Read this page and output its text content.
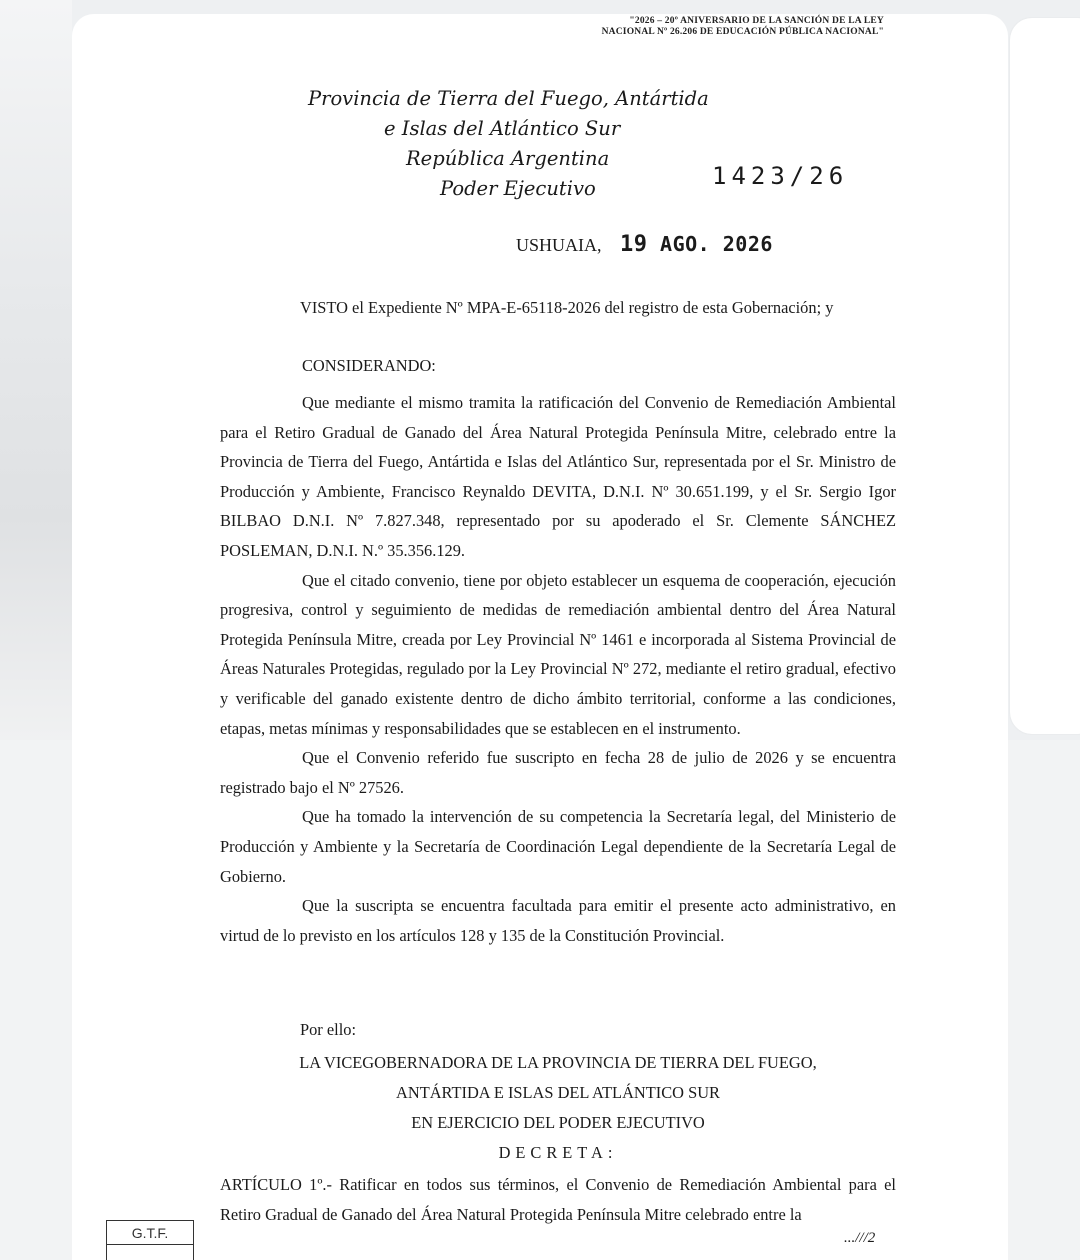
"2026 – 20º ANIVERSARIO DE LA SANCIÓN DE LA LEY
NACIONAL Nº 26.206 DE EDUCACIÓN PÚBLICA NACIONAL"
Provincia de Tierra del Fuego, Antártida
e Islas del Atlántico Sur
República Argentina
Poder Ejecutivo	1423/26
USHUAIA, 19 AGO. 2026
VISTO el Expediente Nº MPA-E-65118-2026 del registro de esta Gobernación; y
CONSIDERANDO:

Que mediante el mismo tramita la ratificación del Convenio de Remediación Ambiental para el Retiro Gradual de Ganado del Área Natural Protegida Península Mitre, celebrado entre la Provincia de Tierra del Fuego, Antártida e Islas del Atlántico Sur, representada por el Sr. Ministro de Producción y Ambiente, Francisco Reynaldo DEVITA, D.N.I. Nº 30.651.199, y el Sr. Sergio Igor BILBAO D.N.I. Nº 7.827.348, representado por su apoderado el Sr. Clemente SÁNCHEZ POSLEMAN, D.N.I. N.º 35.356.129.

Que el citado convenio, tiene por objeto establecer un esquema de cooperación, ejecución progresiva, control y seguimiento de medidas de remediación ambiental dentro del Área Natural Protegida Península Mitre, creada por Ley Provincial Nº 1461 e incorporada al Sistema Provincial de Áreas Naturales Protegidas, regulado por la Ley Provincial Nº 272, mediante el retiro gradual, efectivo y verificable del ganado existente dentro de dicho ámbito territorial, conforme a las condiciones, etapas, metas mínimas y responsabilidades que se establecen en el instrumento.

Que el Convenio referido fue suscripto en fecha 28 de julio de 2026 y se encuentra registrado bajo el Nº 27526.

Que ha tomado la intervención de su competencia la Secretaría legal, del Ministerio de Producción y Ambiente y la Secretaría de Coordinación Legal dependiente de la Secretaría Legal de Gobierno.

Que la suscripta se encuentra facultada para emitir el presente acto administrativo, en virtud de lo previsto en los artículos 128 y 135 de la Constitución Provincial.

Por ello:
LA VICEGOBERNADORA DE LA PROVINCIA DE TIERRA DEL FUEGO,
ANTÁRTIDA E ISLAS DEL ATLÁNTICO SUR
EN EJERCICIO DEL PODER EJECUTIVO
DECRETA:

ARTÍCULO 1º.- Ratificar en todos sus términos, el Convenio de Remediación Ambiental para el Retiro Gradual de Ganado del Área Natural Protegida Península Mitre celebrado entre la

G.T.F.	...///2
